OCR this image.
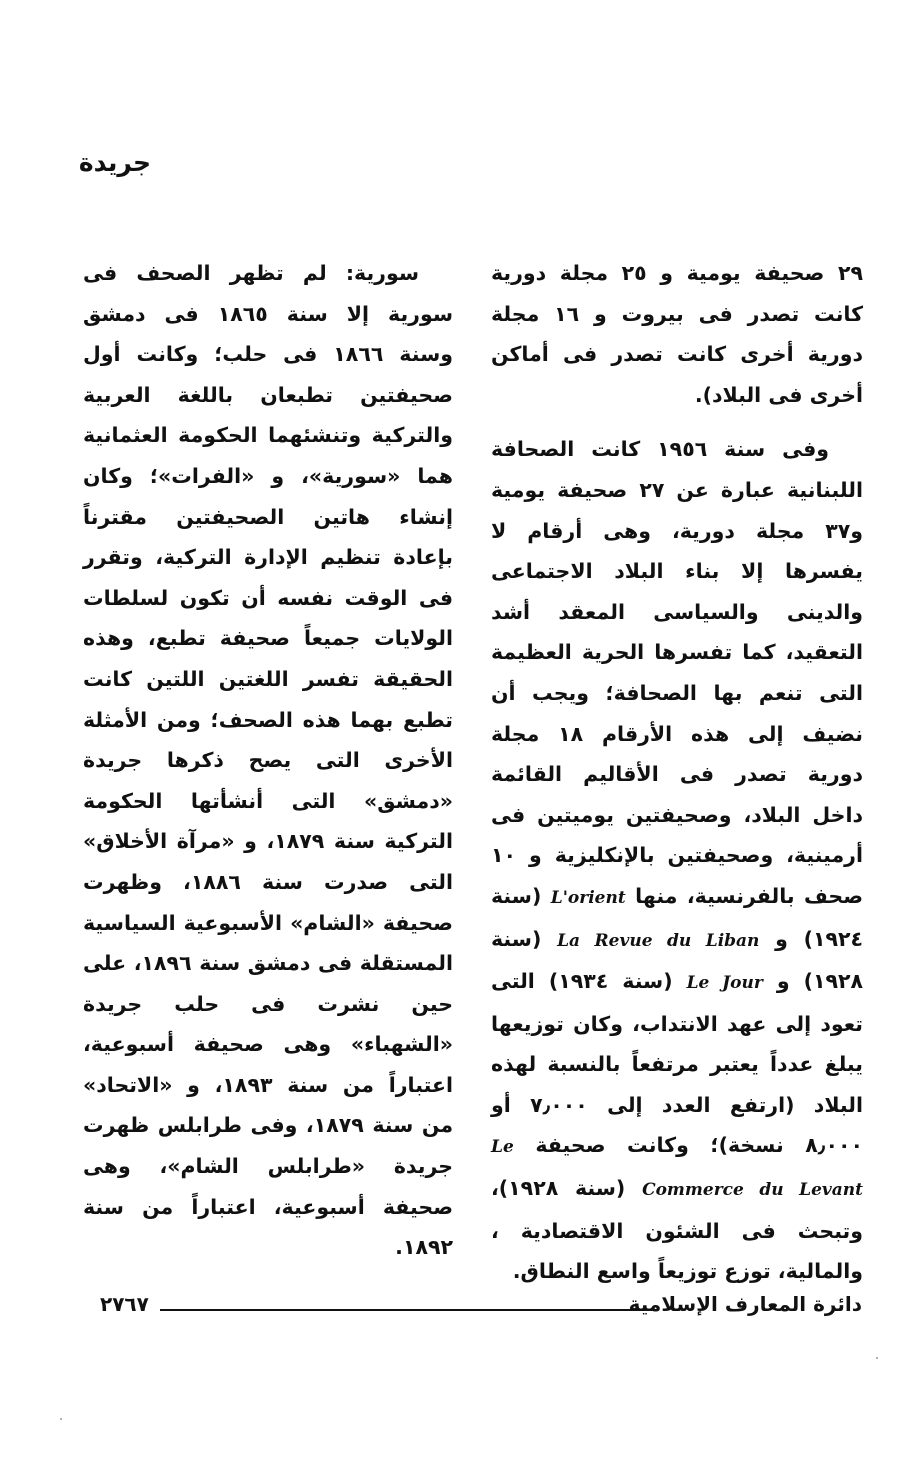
جريدة

٢٩ صحيفة يومية و ٢٥ مجلة دورية كانت تصدر فى بيروت و ١٦ مجلة دورية أخرى كانت تصدر فى أماكن أخرى فى البلاد).

وفى سنة ١٩٥٦ كانت الصحافة اللبنانية عبارة عن ٢٧ صحيفة يومية و٣٧ مجلة دورية، وهى أرقام لا يفسرها إلا بناء البلاد الاجتماعى والدينى والسياسى المعقد أشد التعقيد، كما تفسرها الحرية العظيمة التى تنعم بها الصحافة؛ ويجب أن نضيف إلى هذه الأرقام ١٨ مجلة دورية تصدر فى الأقاليم القائمة داخل البلاد، وصحيفتين يوميتين فى أرمينية، وصحيفتين بالإنكليزية و ١٠ صحف بالفرنسية، منها L'orient (سنة ١٩٢٤) و La Revue du Liban (سنة ١٩٢٨) و Le Jour (سنة ١٩٣٤) التى تعود إلى عهد الانتداب، وكان توزيعها يبلغ عدداً يعتبر مرتفعاً بالنسبة لهذه البلاد (ارتفع العدد إلى ٧٫٠٠٠ أو ٨٫٠٠٠ نسخة)؛ وكانت صحيفة Le Commerce du Levant (سنة ١٩٢٨)، وتبحث فى الشئون الاقتصادية ، والمالية، توزع توزيعاً واسع النطاق.

سورية: لم تظهر الصحف فى سورية إلا سنة ١٨٦٥ فى دمشق وسنة ١٨٦٦ فى حلب؛ وكانت أول صحيفتين تطبعان باللغة العربية والتركية وتنشئهما الحكومة العثمانية هما «سورية»، و «الفرات»؛ وكان إنشاء هاتين الصحيفتين مقترناً بإعادة تنظيم الإدارة التركية، وتقرر فى الوقت نفسه أن تكون لسلطات الولايات جميعاً صحيفة تطبع، وهذه الحقيقة تفسر اللغتين اللتين كانت تطبع بهما هذه الصحف؛ ومن الأمثلة الأخرى التى يصح ذكرها جريدة «دمشق» التى أنشأتها الحكومة التركية سنة ١٨٧٩، و «مرآة الأخلاق» التى صدرت سنة ١٨٨٦، وظهرت صحيفة «الشام» الأسبوعية السياسية المستقلة فى دمشق سنة ١٨٩٦، على حين نشرت فى حلب جريدة «الشهباء» وهى صحيفة أسبوعية، اعتباراً من سنة ١٨٩٣، و «الاتحاد» من سنة ١٨٧٩، وفى طرابلس ظهرت جريدة «طرابلس الشام»، وهى صحيفة أسبوعية، اعتباراً من سنة ١٨٩٢.

دائرة المعارف الإسلامية
٢٧٦٧
